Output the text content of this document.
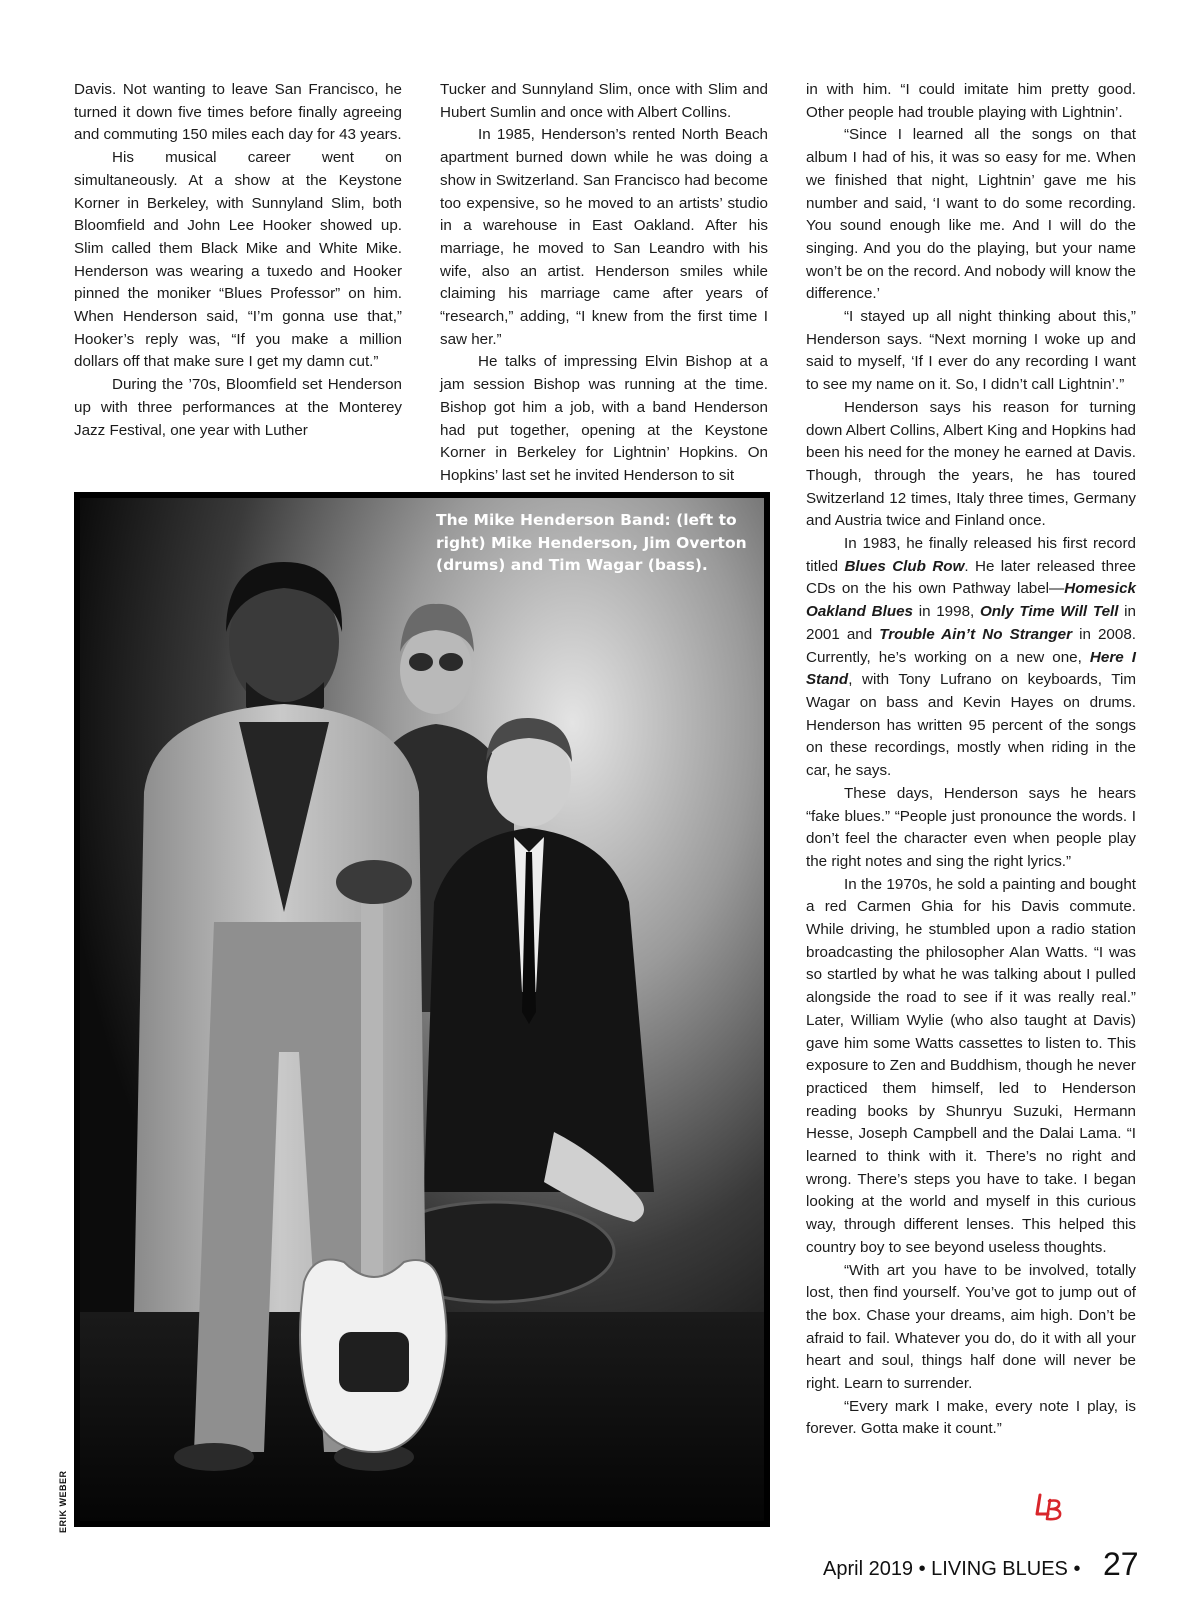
Davis. Not wanting to leave San Francisco, he turned it down five times before finally agreeing and commuting 150 miles each day for 43 years.

His musical career went on simultaneously. At a show at the Keystone Korner in Berkeley, with Sunnyland Slim, both Bloomfield and John Lee Hooker showed up. Slim called them Black Mike and White Mike. Henderson was wearing a tuxedo and Hooker pinned the moniker “Blues Professor” on him. When Henderson said, “I’m gonna use that,” Hooker’s reply was, “If you make a million dollars off that make sure I get my damn cut.”

During the ’70s, Bloomfield set Henderson up with three performances at the Monterey Jazz Festival, one year with Luther

Tucker and Sunnyland Slim, once with Slim and Hubert Sumlin and once with Albert Collins.

In 1985, Henderson’s rented North Beach apartment burned down while he was doing a show in Switzerland. San Francisco had become too expensive, so he moved to an artists’ studio in a warehouse in East Oakland. After his marriage, he moved to San Leandro with his wife, also an artist. Henderson smiles while claiming his marriage came after years of “research,” adding, “I knew from the first time I saw her.”

He talks of impressing Elvin Bishop at a jam session Bishop was running at the time. Bishop got him a job, with a band Henderson had put together, opening at the Keystone Korner in Berkeley for Lightnin’ Hopkins. On Hopkins’ last set he invited Henderson to sit

in with him. “I could imitate him pretty good. Other people had trouble playing with Lightnin’.

“Since I learned all the songs on that album I had of his, it was so easy for me. When we finished that night, Lightnin’ gave me his number and said, ‘I want to do some recording. You sound enough like me. And I will do the singing. And you do the playing, but your name won’t be on the record. And nobody will know the difference.’

“I stayed up all night thinking about this,” Henderson says. “Next morning I woke up and said to myself, ‘If I ever do any recording I want to see my name on it. So, I didn’t call Lightnin’.”

Henderson says his reason for turning down Albert Collins, Albert King and Hopkins had been his need for the money he earned at Davis. Though, through the years, he has toured Switzerland 12 times, Italy three times, Germany and Austria twice and Finland once.

In 1983, he finally released his first record titled Blues Club Row. He later released three CDs on the his own Pathway label—Homesick Oakland Blues in 1998, Only Time Will Tell in 2001 and Trouble Ain’t No Stranger in 2008. Currently, he’s working on a new one, Here I Stand, with Tony Lufrano on keyboards, Tim Wagar on bass and Kevin Hayes on drums. Henderson has written 95 percent of the songs on these recordings, mostly when riding in the car, he says.

These days, Henderson says he hears “fake blues.” “People just pronounce the words. I don’t feel the character even when people play the right notes and sing the right lyrics.”

In the 1970s, he sold a painting and bought a red Carmen Ghia for his Davis commute. While driving, he stumbled upon a radio station broadcasting the philosopher Alan Watts. “I was so startled by what he was talking about I pulled alongside the road to see if it was really real.” Later, William Wylie (who also taught at Davis) gave him some Watts cassettes to listen to. This exposure to Zen and Buddhism, though he never practiced them himself, led to Henderson reading books by Shunryu Suzuki, Hermann Hesse, Joseph Campbell and the Dalai Lama. “I learned to think with it. There’s no right and wrong. There’s steps you have to take. I began looking at the world and myself in this curious way, through different lenses. This helped this country boy to see beyond useless thoughts.

“With art you have to be involved, totally lost, then find yourself. You’ve got to jump out of the box. Chase your dreams, aim high. Don’t be afraid to fail. Whatever you do, do it with all your heart and soul, things half done will never be right. Learn to surrender.

“Every mark I make, every note I play, is forever. Gotta make it count.”

The Mike Henderson Band: (left to right) Mike Henderson, Jim Overton (drums) and Tim Wagar (bass).
ERIK WEBER
April 2019 • LIVING BLUES • 27
